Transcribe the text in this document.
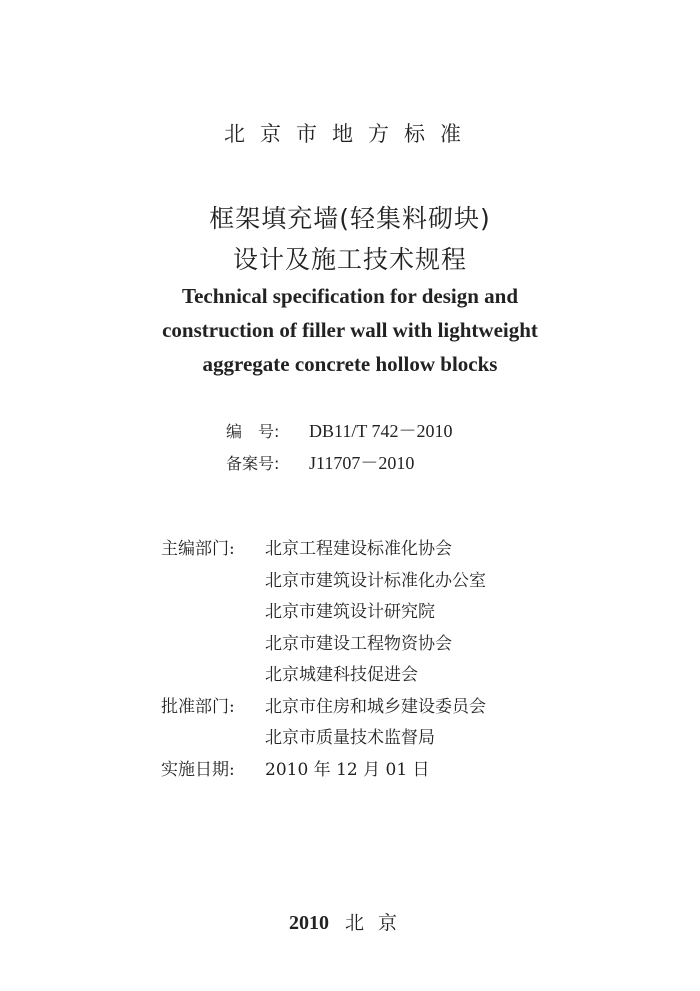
北京市地方标准
框架填充墙(轻集料砌块)
设计及施工技术规程
Technical specification for design and
construction of filler wall with lightweight
aggregate concrete hollow blocks
编　号: DB11/T 742－2010
备案号: J11707－2010
主编部门: 北京工程建设标准化协会
北京市建筑设计标准化办公室
北京市建筑设计研究院
北京市建设工程物资协会
北京城建科技促进会
批准部门: 北京市住房和城乡建设委员会
北京市质量技术监督局
实施日期: 2010 年 12 月 01 日
2010 北京
